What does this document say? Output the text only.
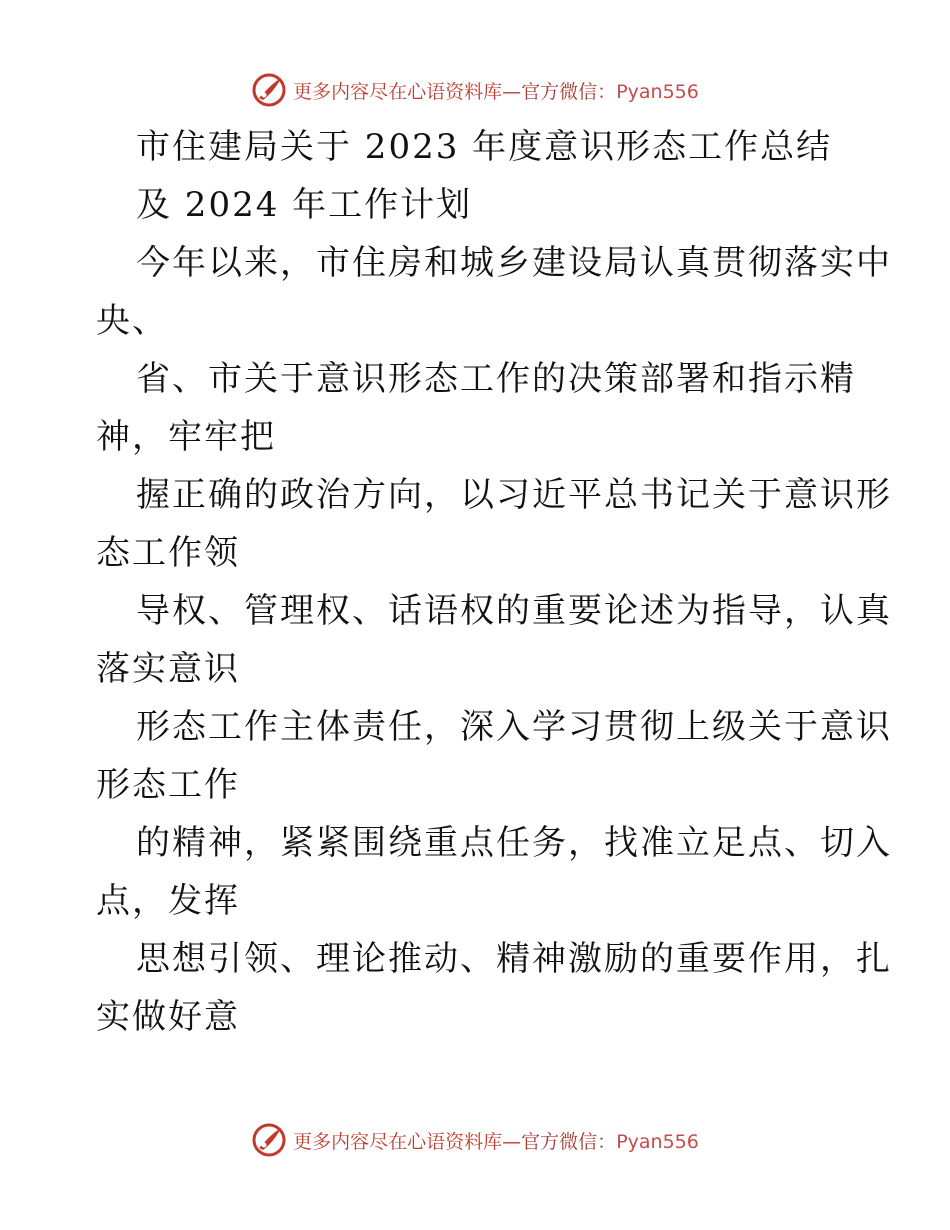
更多内容尽在心语资料库—官方微信：Pyan556
市住建局关于 2023 年度意识形态工作总结
及 2024 年工作计划
今年以来，市住房和城乡建设局认真贯彻落实中
央、
省、市关于意识形态工作的决策部署和指示精
神，牢牢把
握正确的政治方向，以习近平总书记关于意识形
态工作领
导权、管理权、话语权的重要论述为指导，认真
落实意识
形态工作主体责任，深入学习贯彻上级关于意识
形态工作
的精神，紧紧围绕重点任务，找准立足点、切入
点，发挥
思想引领、理论推动、精神激励的重要作用，扎
实做好意
更多内容尽在心语资料库—官方微信：Pyan556
